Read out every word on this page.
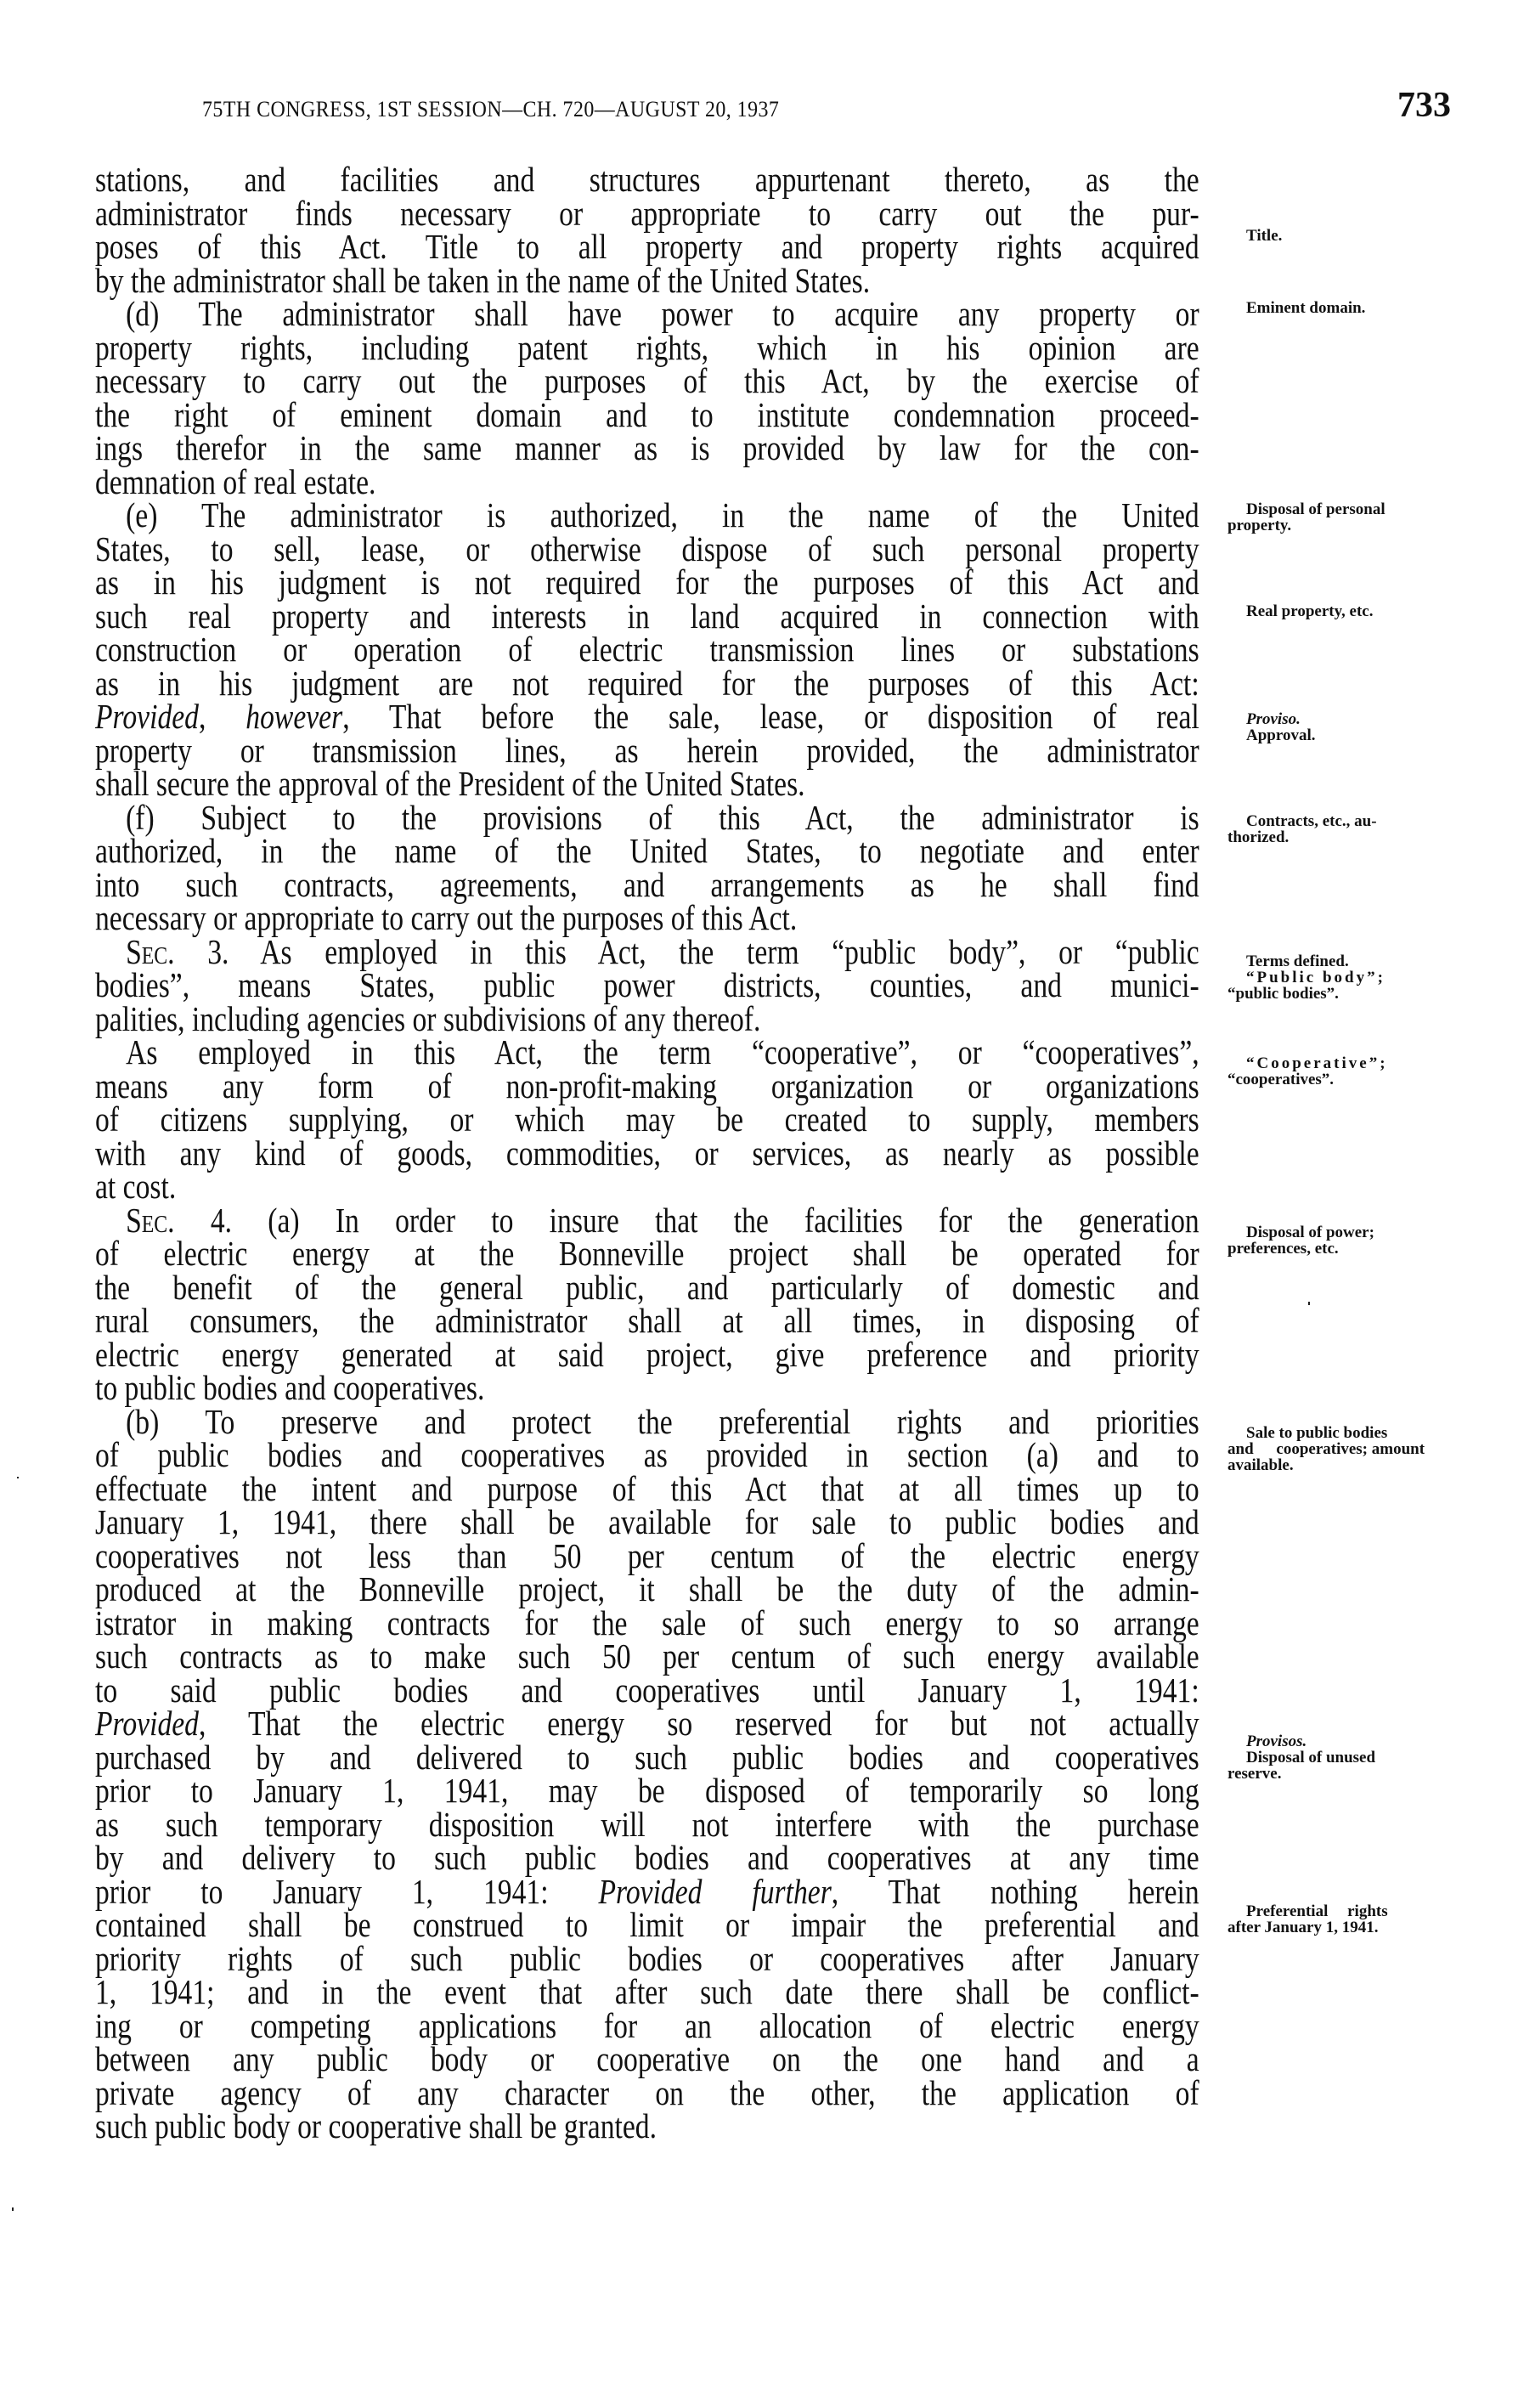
75TH CONGRESS, 1ST SESSION—CH. 720—AUGUST 20, 1937	733
stations, and facilities and structures appurtenant thereto, as the
administrator finds necessary or appropriate to carry out the pur-
poses of this Act. Title to all property and property rights acquired
by the administrator shall be taken in the name of the United States.
(d) The administrator shall have power to acquire any property or
property rights, including patent rights, which in his opinion are
necessary to carry out the purposes of this Act, by the exercise of
the right of eminent domain and to institute condemnation proceed-
ings therefor in the same manner as is provided by law for the con-
demnation of real estate.
(e) The administrator is authorized, in the name of the United
States, to sell, lease, or otherwise dispose of such personal property
as in his judgment is not required for the purposes of this Act and
such real property and interests in land acquired in connection with
construction or operation of electric transmission lines or substations
as in his judgment are not required for the purposes of this Act:
Provided, however, That before the sale, lease, or disposition of real
property or transmission lines, as herein provided, the administrator
shall secure the approval of the President of the United States.
(f) Subject to the provisions of this Act, the administrator is
authorized, in the name of the United States, to negotiate and enter
into such contracts, agreements, and arrangements as he shall find
necessary or appropriate to carry out the purposes of this Act.
Sec. 3. As employed in this Act, the term “public body”, or “public
bodies”, means States, public power districts, counties, and munici-
palities, including agencies or subdivisions of any thereof.
As employed in this Act, the term “cooperative”, or “cooperatives”,
means any form of non-profit-making organization or organizations
of citizens supplying, or which may be created to supply, members
with any kind of goods, commodities, or services, as nearly as possible
at cost.
Sec. 4. (a) In order to insure that the facilities for the generation
of electric energy at the Bonneville project shall be operated for
the benefit of the general public, and particularly of domestic and
rural consumers, the administrator shall at all times, in disposing of
electric energy generated at said project, give preference and priority
to public bodies and cooperatives.
(b) To preserve and protect the preferential rights and priorities
of public bodies and cooperatives as provided in section (a) and to
effectuate the intent and purpose of this Act that at all times up to
January 1, 1941, there shall be available for sale to public bodies and
cooperatives not less than 50 per centum of the electric energy
produced at the Bonneville project, it shall be the duty of the admin-
istrator in making contracts for the sale of such energy to so arrange
such contracts as to make such 50 per centum of such energy available
to said public bodies and cooperatives until January 1, 1941:
Provided, That the electric energy so reserved for but not actually
purchased by and delivered to such public bodies and cooperatives
prior to January 1, 1941, may be disposed of temporarily so long
as such temporary disposition will not interfere with the purchase
by and delivery to such public bodies and cooperatives at any time
prior to January 1, 1941: Provided further, That nothing herein
contained shall be construed to limit or impair the preferential and
priority rights of such public bodies or cooperatives after January
1, 1941; and in the event that after such date there shall be conflict-
ing or competing applications for an allocation of electric energy
between any public body or cooperative on the one hand and a
private agency of any character on the other, the application of
such public body or cooperative shall be granted.
Title.
Eminent domain.
Disposal of personal
property.
Real property, etc.
Proviso.
Approval.
Contracts, etc., au-
thorized.
Terms defined.
“Public body”;
“public bodies”.
“Cooperative”;
“cooperatives”.
Disposal of power;
preferences, etc.
Sale to public bodies
and cooperatives; amount available.
Provisos.
Disposal of unused
reserve.
Preferential rights
after January 1, 1941.
